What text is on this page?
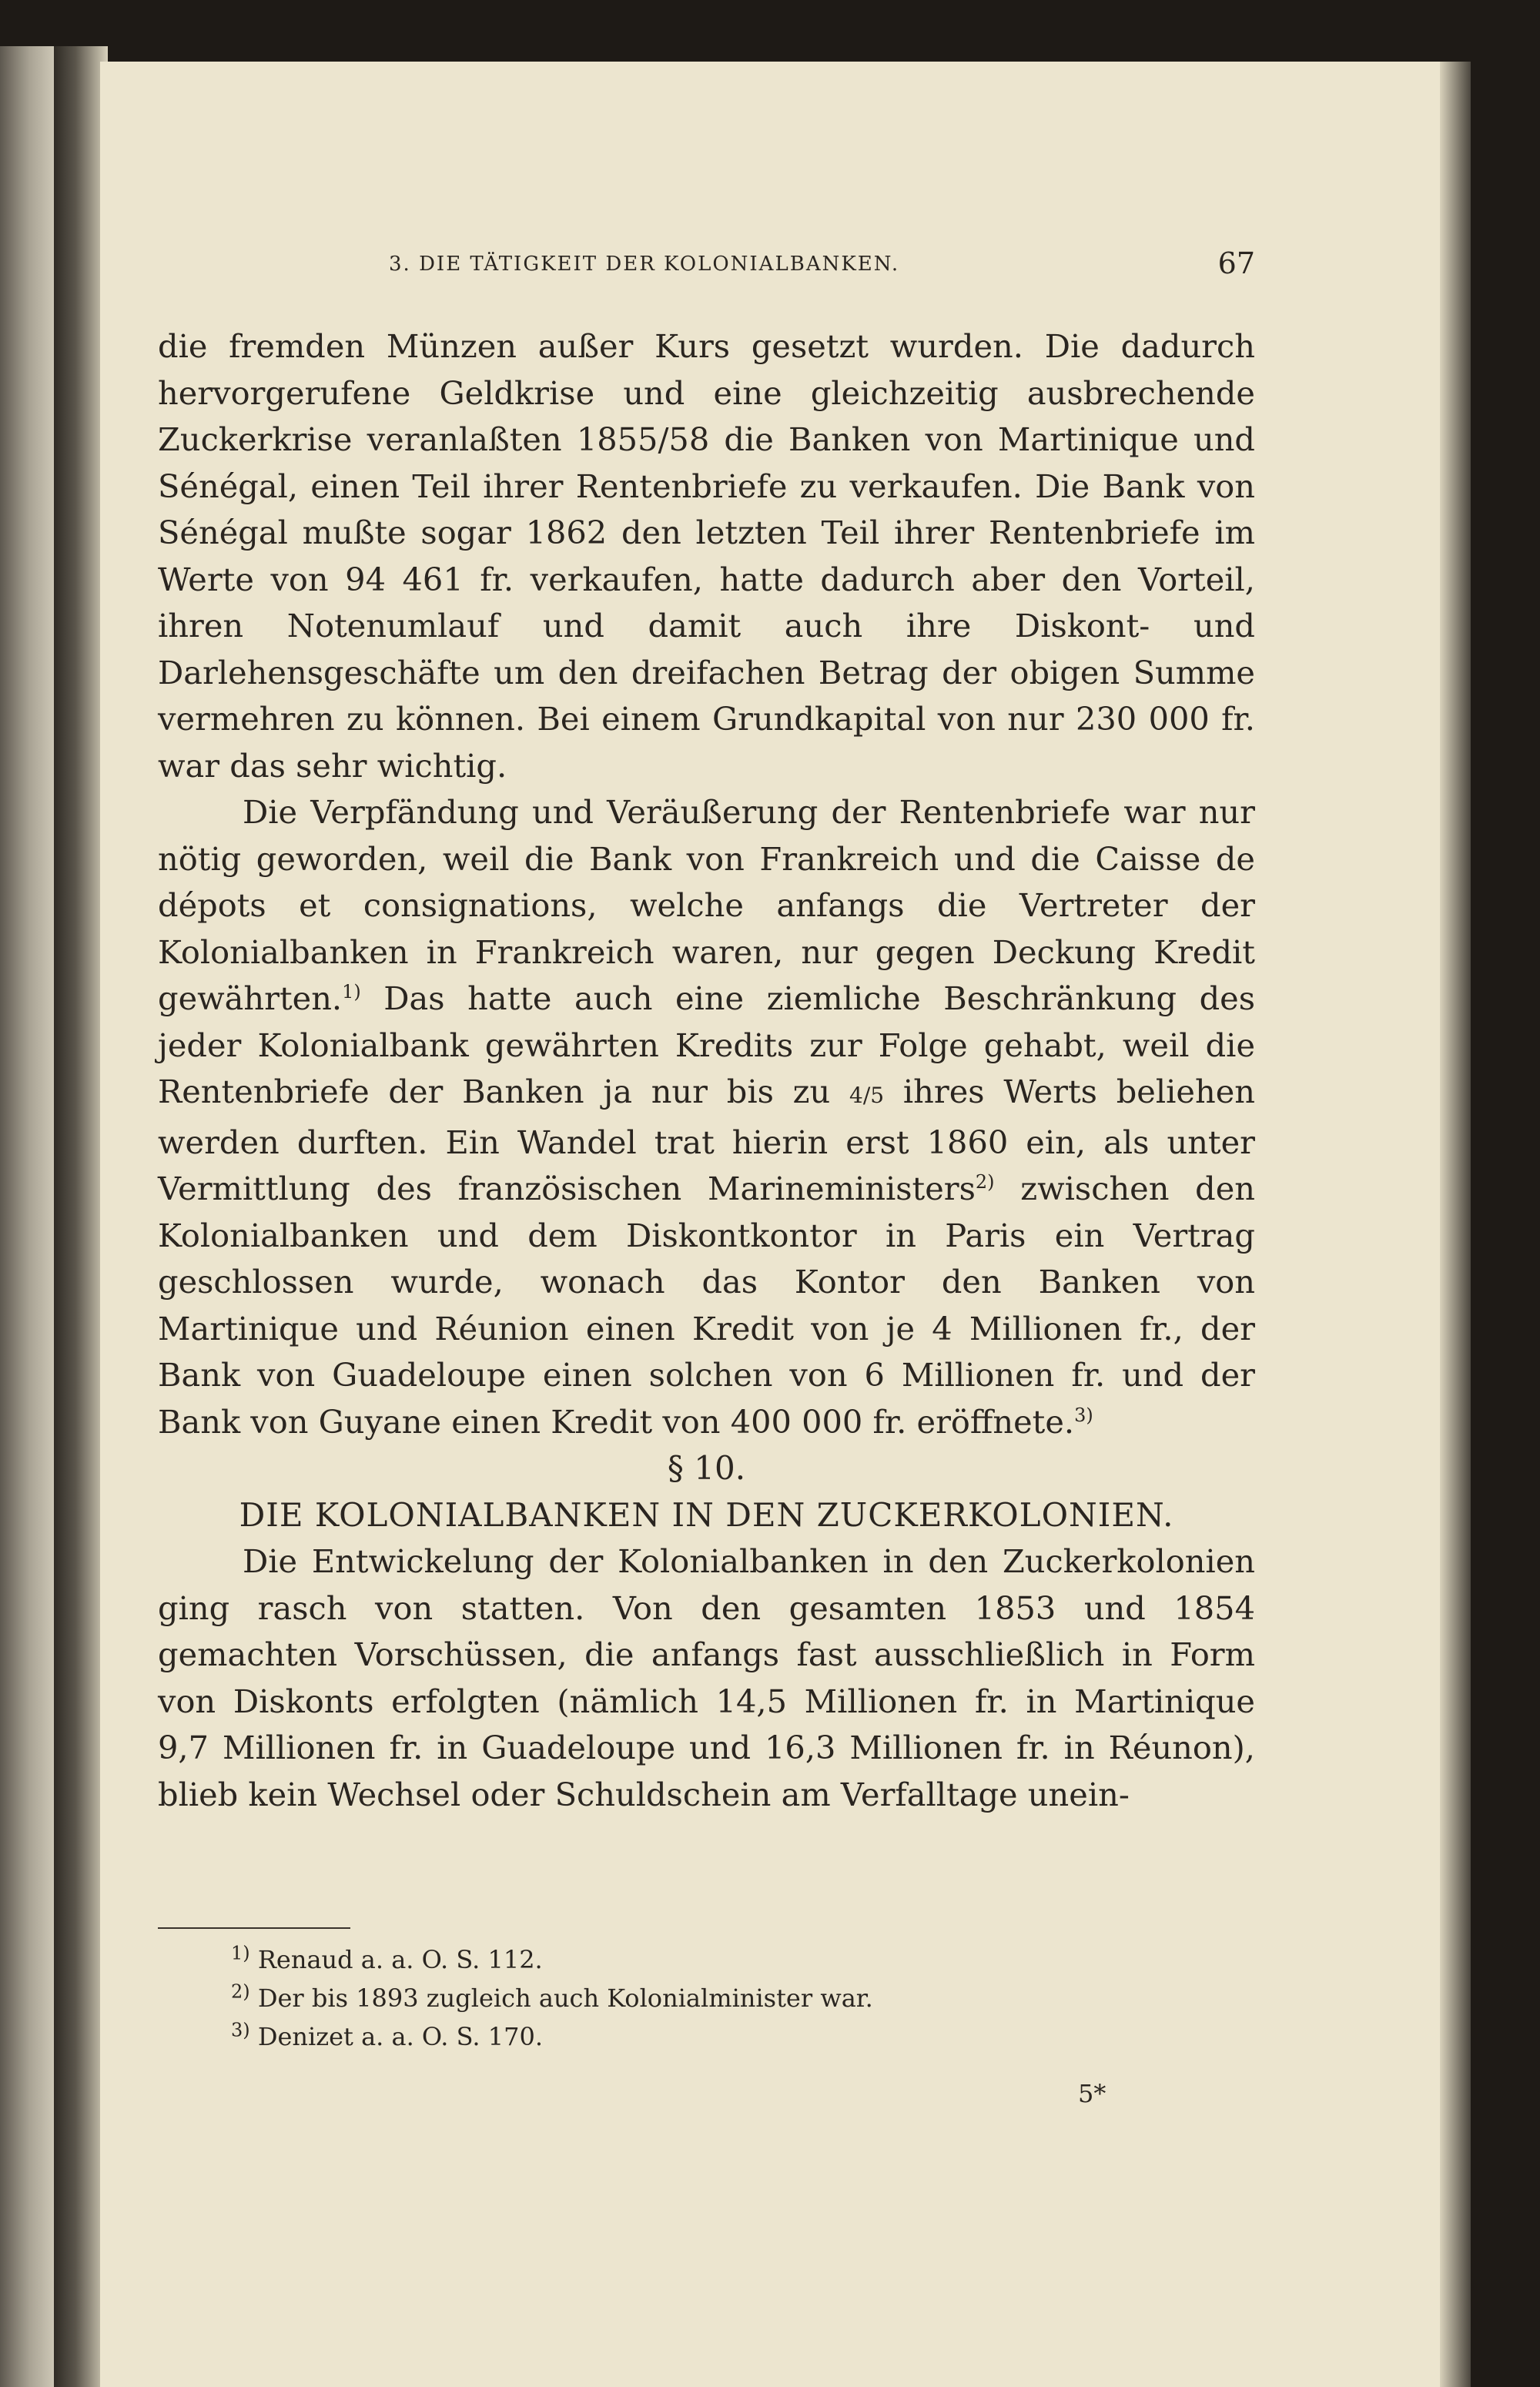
3. DIE TÄTIGKEIT DER KOLONIALBANKEN.	67

die fremden Münzen außer Kurs gesetzt wurden. Die dadurch hervorgerufene Geldkrise und eine gleichzeitig ausbrechende Zuckerkrise veranlaßten 1855/58 die Banken von Martinique und Sénégal, einen Teil ihrer Rentenbriefe zu verkaufen. Die Bank von Sénégal mußte sogar 1862 den letzten Teil ihrer Rentenbriefe im Werte von 94 461 fr. verkaufen, hatte dadurch aber den Vorteil, ihren Notenumlauf und damit auch ihre Diskont- und Darlehensgeschäfte um den dreifachen Betrag der obigen Summe vermehren zu können. Bei einem Grundkapital von nur 230 000 fr. war das sehr wichtig.

Die Verpfändung und Veräußerung der Rentenbriefe war nur nötig geworden, weil die Bank von Frankreich und die Caisse de dépots et consignations, welche anfangs die Vertreter der Kolonialbanken in Frankreich waren, nur gegen Deckung Kredit gewährten.$^{1)}$ Das hatte auch eine ziemliche Beschränkung des jeder Kolonialbank gewährten Kredits zur Folge gehabt, weil die Rentenbriefe der Banken ja nur bis zu 4/5 ihres Werts beliehen werden durften. Ein Wandel trat hierin erst 1860 ein, als unter Vermittlung des französischen Marineministers$^{2)}$ zwischen den Kolonialbanken und dem Diskontkontor in Paris ein Vertrag geschlossen wurde, wonach das Kontor den Banken von Martinique und Réunion einen Kredit von je 4 Millionen fr., der Bank von Guadeloupe einen solchen von 6 Millionen fr. und der Bank von Guyane einen Kredit von 400 000 fr. eröffnete.$^{3)}$

§ 10.

DIE KOLONIALBANKEN IN DEN ZUCKERKOLONIEN.

Die Entwickelung der Kolonialbanken in den Zuckerkolonien ging rasch von statten. Von den gesamten 1853 und 1854 gemachten Vorschüssen, die anfangs fast ausschließlich in Form von Diskonts erfolgten (nämlich 14,5 Millionen fr. in Martinique 9,7 Millionen fr. in Guadeloupe und 16,3 Millionen fr. in Réunon), blieb kein Wechsel oder Schuldschein am Verfalltage unein-

$^{1)}$ Renaud a. a. O. S. 112.
$^{2)}$ Der bis 1893 zugleich auch Kolonialminister war.
$^{3)}$ Denizet a. a. O. S. 170.
5*
